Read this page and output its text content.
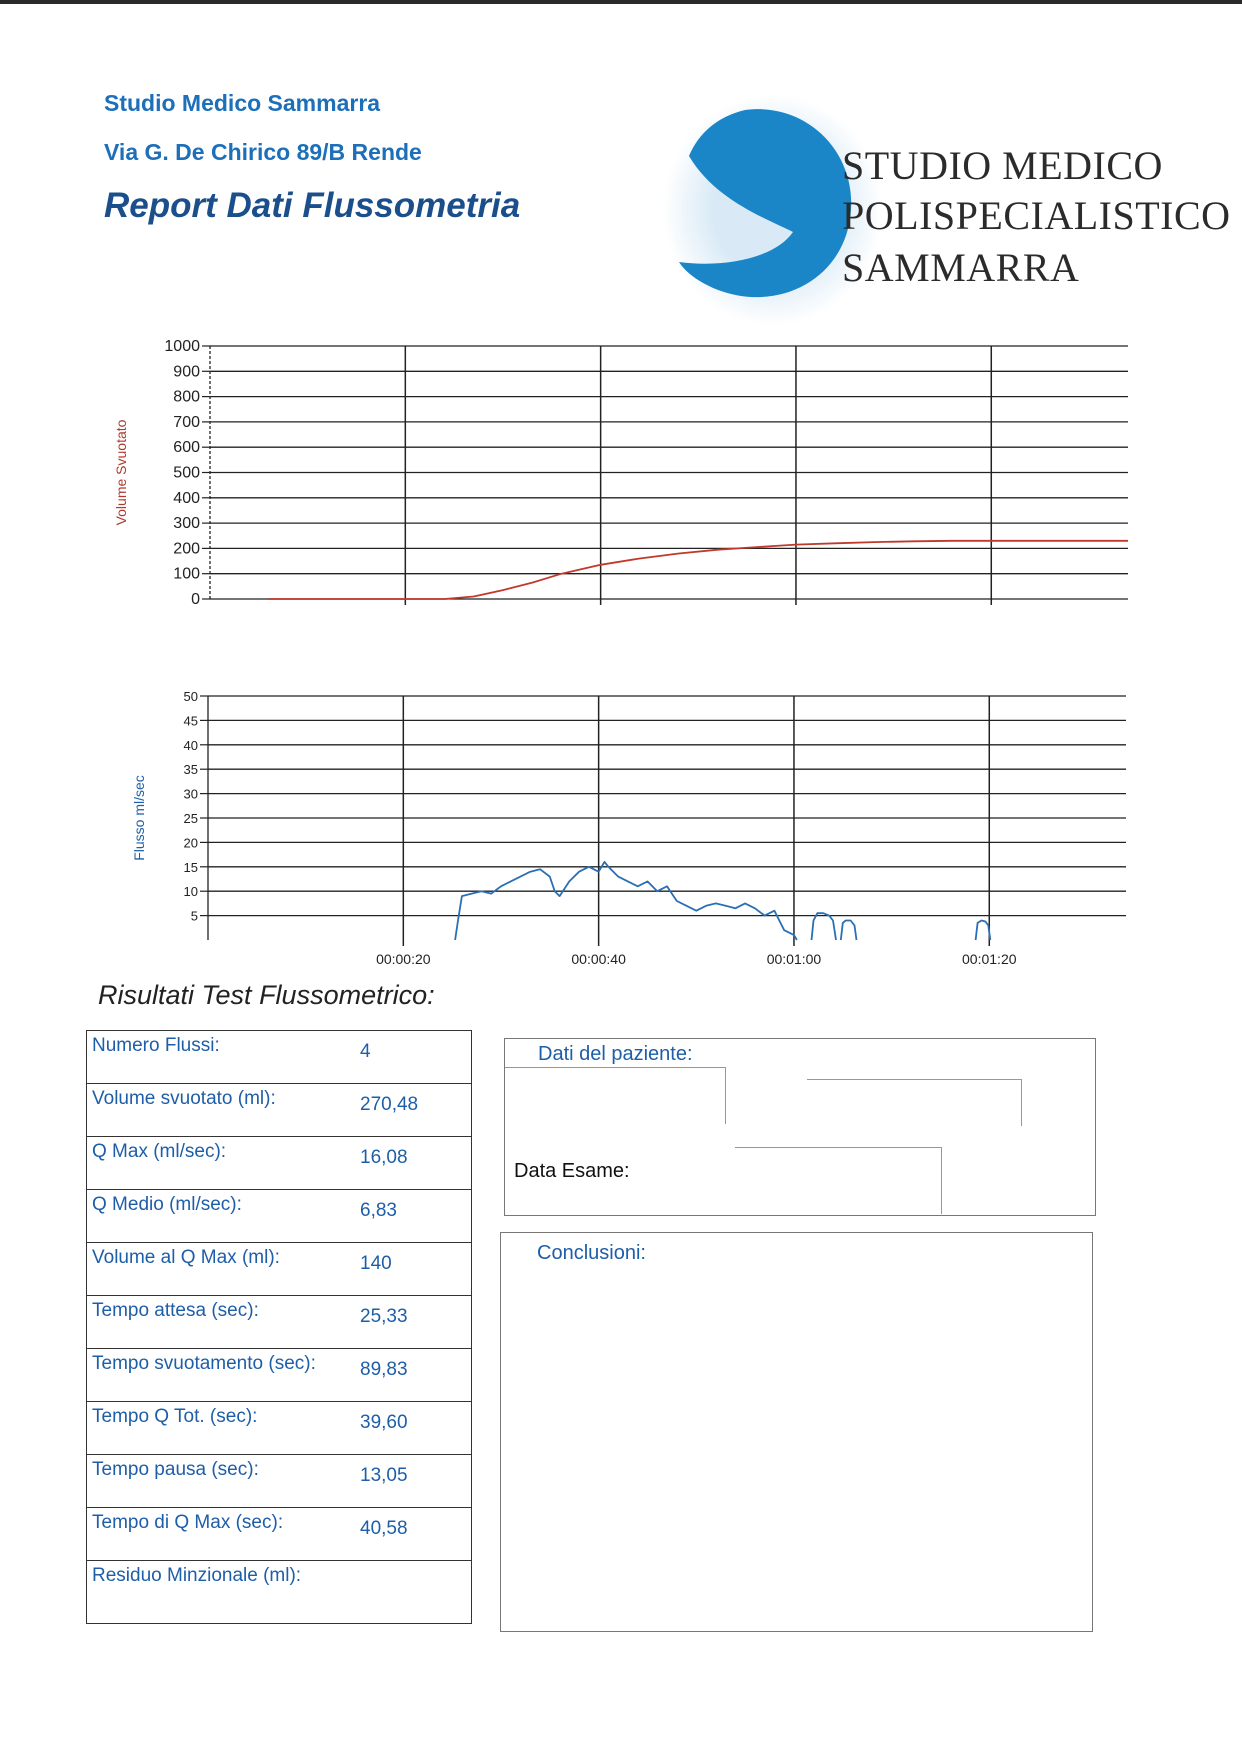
Studio Medico Sammarra
Via G. De Chirico 89/B Rende
Report Dati Flussometria
STUDIO MEDICO
POLISPECIALISTICO
SAMMARRA
1000
900
800
700
600
500
400
300
200
100
0
Volume Svuotato
50
45
40
35
30
25
20
15
10
5
00:00:20	00:00:40	00:01:00	00:01:20
Flusso ml/sec
Risultati Test Flussometrico:
Numero Flussi:	4
Volume svuotato (ml):	270,48
Q Max (ml/sec):	16,08
Q Medio (ml/sec):	6,83
Volume al Q Max (ml):	140
Tempo attesa (sec):	25,33
Tempo svuotamento (sec): 89,83
Tempo Q Tot. (sec):	39,60
Tempo pausa (sec):	13,05
Tempo di Q Max (sec):	40,58
Residuo Minzionale (ml):
Dati del paziente:
Data Esame:
Conclusioni:
